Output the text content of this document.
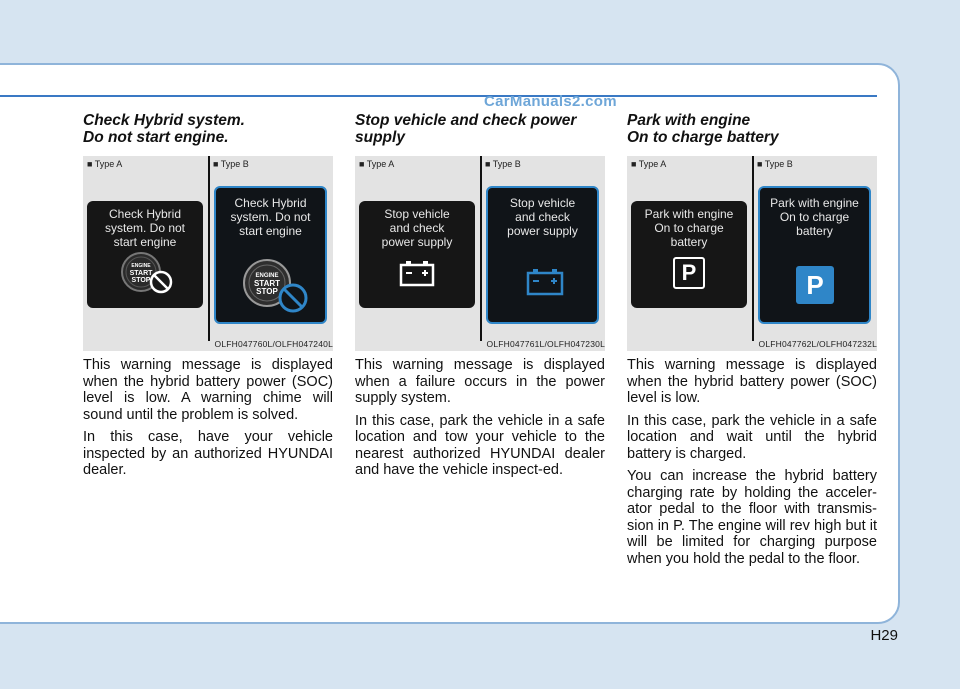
CarManuals2.com
Check Hybrid system.
Do not start engine.
■ Type A	■ Type B
Check Hybrid
system. Do not
start engine
ENGINE
START
STOP
Check Hybrid
system. Do not
start engine
ENGINE
START
STOP
OLFH047760L/OLFH047240L

This warning message is displayed when the hybrid battery power (SOC) level is low. A warning chime will sound until the problem is solved.

In this case, have your vehicle inspected by an authorized HYUNDAI dealer.

Stop vehicle and check power
supply
■ Type A	■ Type B
Stop vehicle
and check
power supply
Stop vehicle
and check
power supply
OLFH047761L/OLFH047230L

This warning message is displayed when a failure occurs in the power supply system.

In this case, park the vehicle in a safe location and tow your vehicle to the nearest authorized HYUNDAI dealer and have the vehicle inspect-ed.

Park with engine
On to charge battery
■ Type A	■ Type B
Park with engine
On to charge
battery
P
Park with engine
On to charge
battery
P
OLFH047762L/OLFH047232L

This warning message is displayed when the hybrid battery power (SOC) level is low.

In this case, park the vehicle in a safe location and wait until the hybrid battery is charged.

You can increase the hybrid battery charging rate by holding the acceler-ator pedal to the floor with transmis-sion in P. The engine will rev high but it will be limited for charging purpose when you hold the pedal to the floor.

H29
